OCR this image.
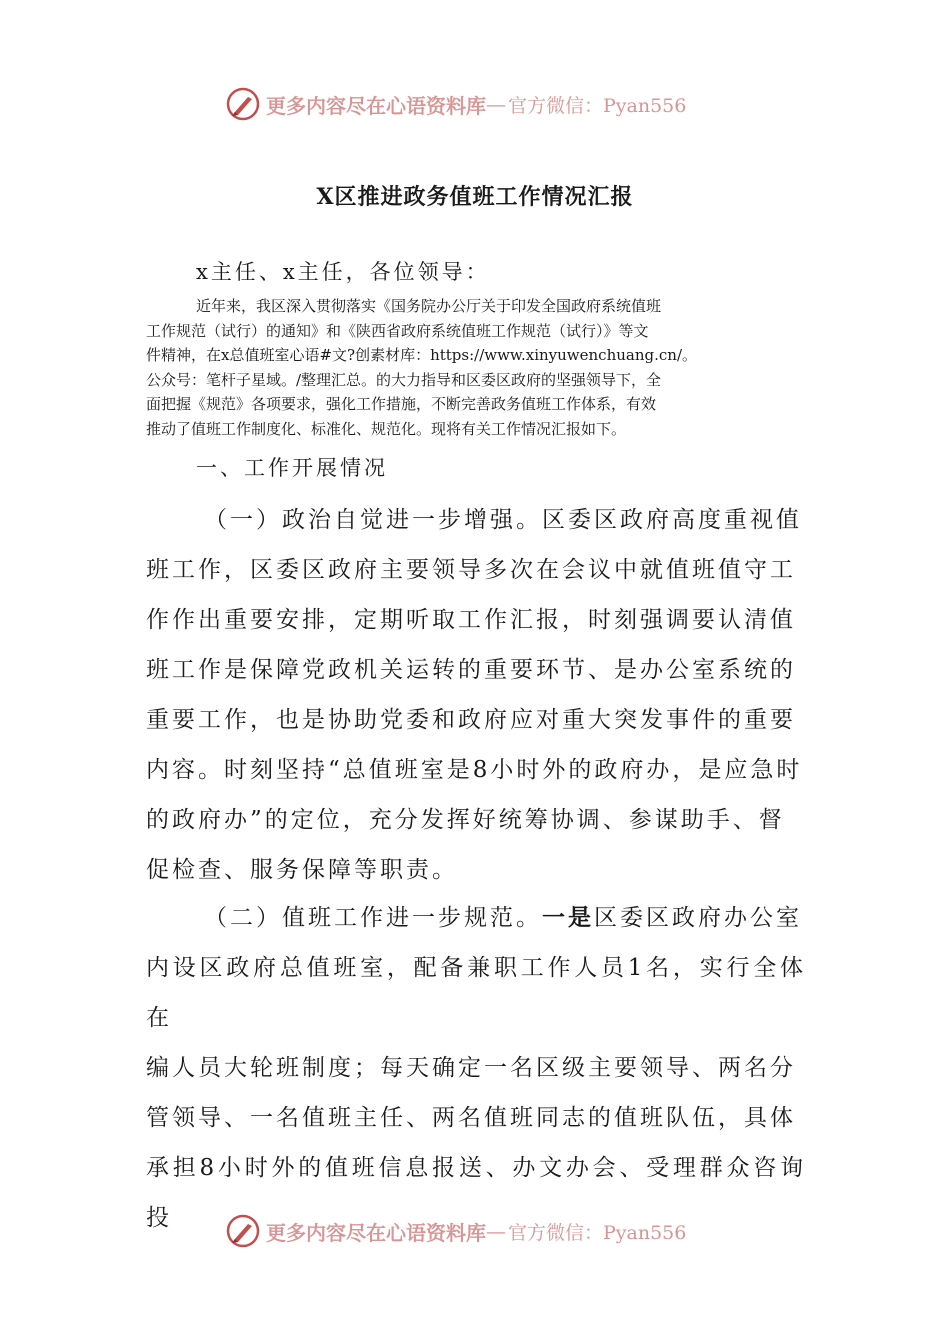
更多内容尽在心语资料库 — 官方微信：Pyan556
X区推进政务值班工作情况汇报
x主任、x主任，各位领导：
近年来，我区深入贯彻落实《国务院办公厅关于印发全国政府系统值班
工作规范（试行）的通知》和《陕西省政府系统值班工作规范（试行）》等文
件精神，在x总值班室心语#文?创素材库：https://www.xinyuwenchuang.cn/。
公众号：笔杆子星域。/整理汇总。的大力指导和区委区政府的坚强领导下，全
面把握《规范》各项要求，强化工作措施，不断完善政务值班工作体系，有效
推动了值班工作制度化、标准化、规范化。现将有关工作情况汇报如下。
一、工作开展情况
（一）政治自觉进一步增强。区委区政府高度重视值
班工作，区委区政府主要领导多次在会议中就值班值守工
作作出重要安排，定期听取工作汇报，时刻强调要认清值
班工作是保障党政机关运转的重要环节、是办公室系统的
重要工作，也是协助党委和政府应对重大突发事件的重要
内容。时刻坚持“总值班室是8小时外的政府办，是应急时
的政府办”的定位，充分发挥好统筹协调、参谋助手、督
促检查、服务保障等职责。
（二）值班工作进一步规范。一是区委区政府办公室
内设区政府总值班室，配备兼职工作人员1名，实行全体在
编人员大轮班制度；每天确定一名区级主要领导、两名分
管领导、一名值班主任、两名值班同志的值班队伍，具体
承担8小时外的值班信息报送、办文办会、受理群众咨询投
更多内容尽在心语资料库 — 官方微信：Pyan556
